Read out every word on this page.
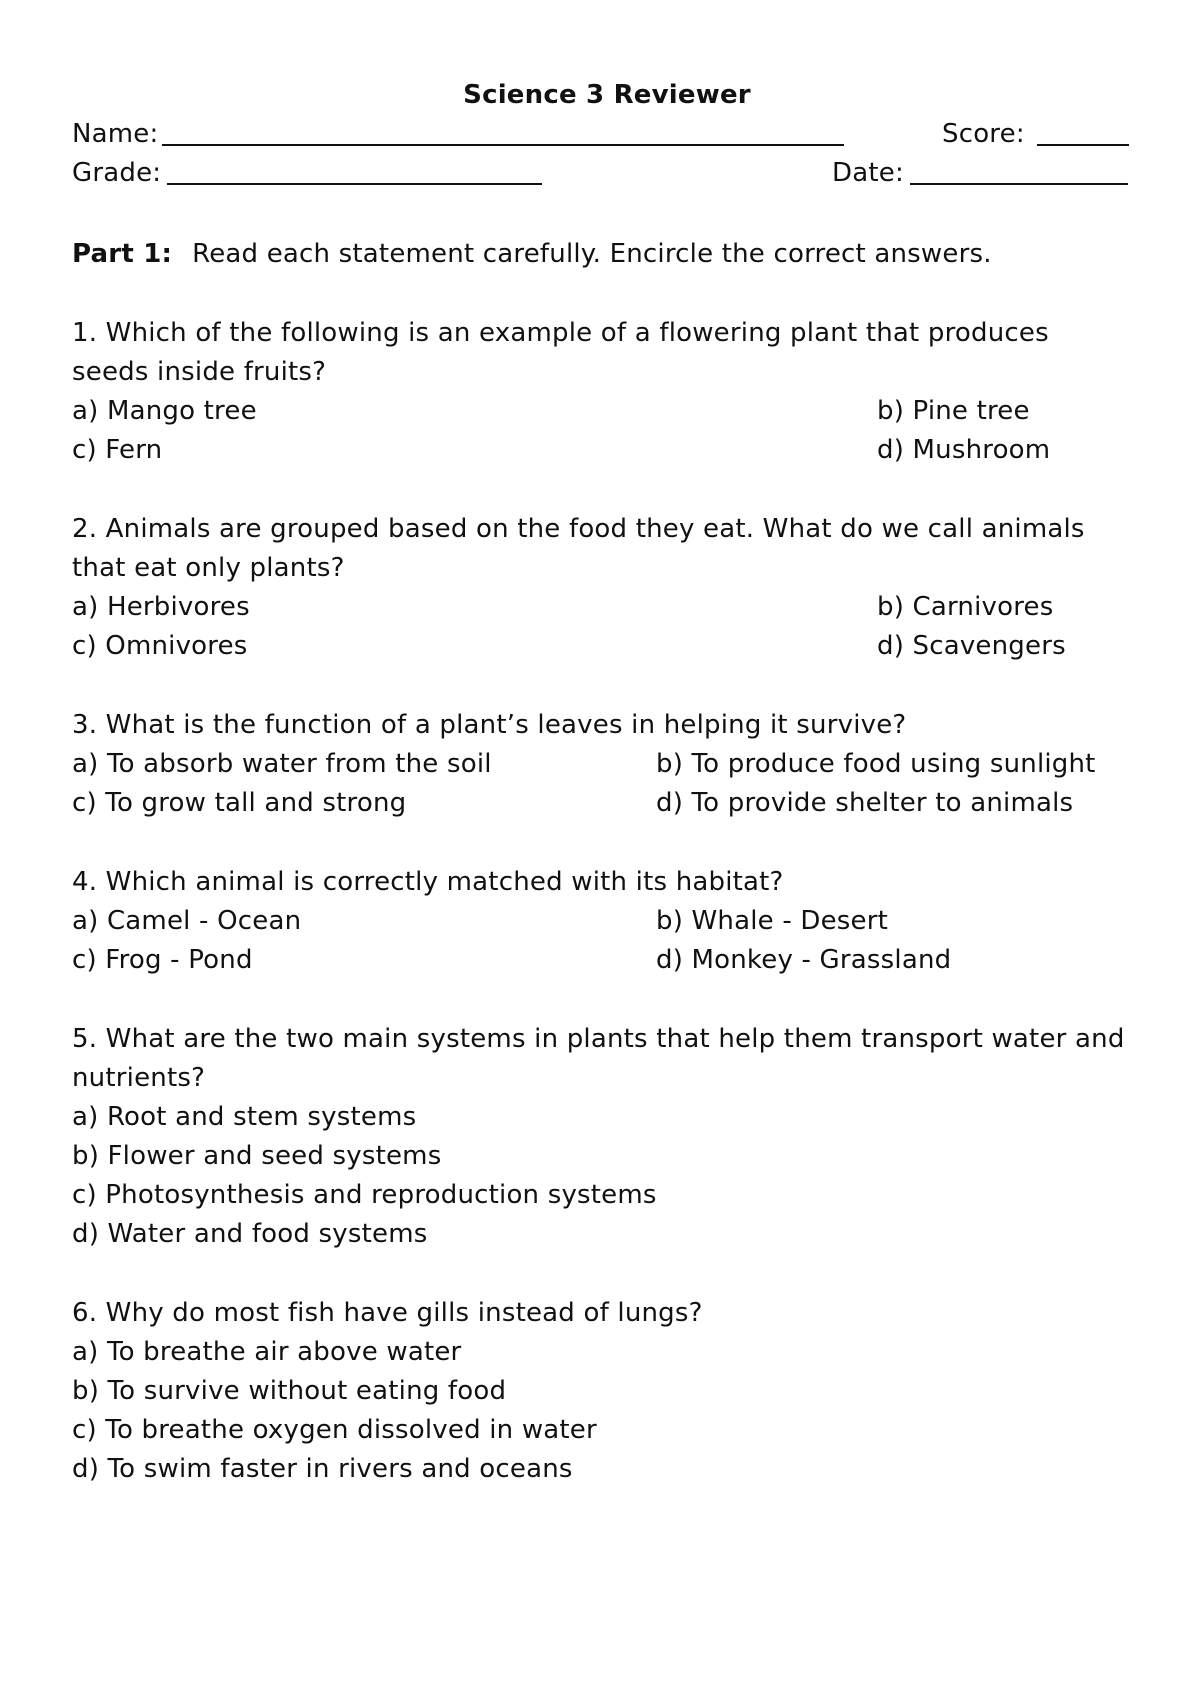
Science 3 Reviewer
Name:	Score:
Grade:	Date:
Part 1: Read each statement carefully. Encircle the correct answers.

1. Which of the following is an example of a flowering plant that produces seeds inside fruits?

a) Mango tree	b) Pine tree
c) Fern	d) Mushroom

2. Animals are grouped based on the food they eat. What do we call animals that eat only plants?

a) Herbivores	b) Carnivores
c) Omnivores	d) Scavengers

3. What is the function of a plant’s leaves in helping it survive?

a) To absorb water from the soil	b) To produce food using sunlight
c) To grow tall and strong	d) To provide shelter to animals

4. Which animal is correctly matched with its habitat?

a) Camel - Ocean	b) Whale - Desert
c) Frog - Pond	d) Monkey - Grassland

5. What are the two main systems in plants that help them transport water and nutrients?

a) Root and stem systems
b) Flower and seed systems
c) Photosynthesis and reproduction systems
d) Water and food systems

6. Why do most fish have gills instead of lungs?

a) To breathe air above water
b) To survive without eating food
c) To breathe oxygen dissolved in water
d) To swim faster in rivers and oceans
